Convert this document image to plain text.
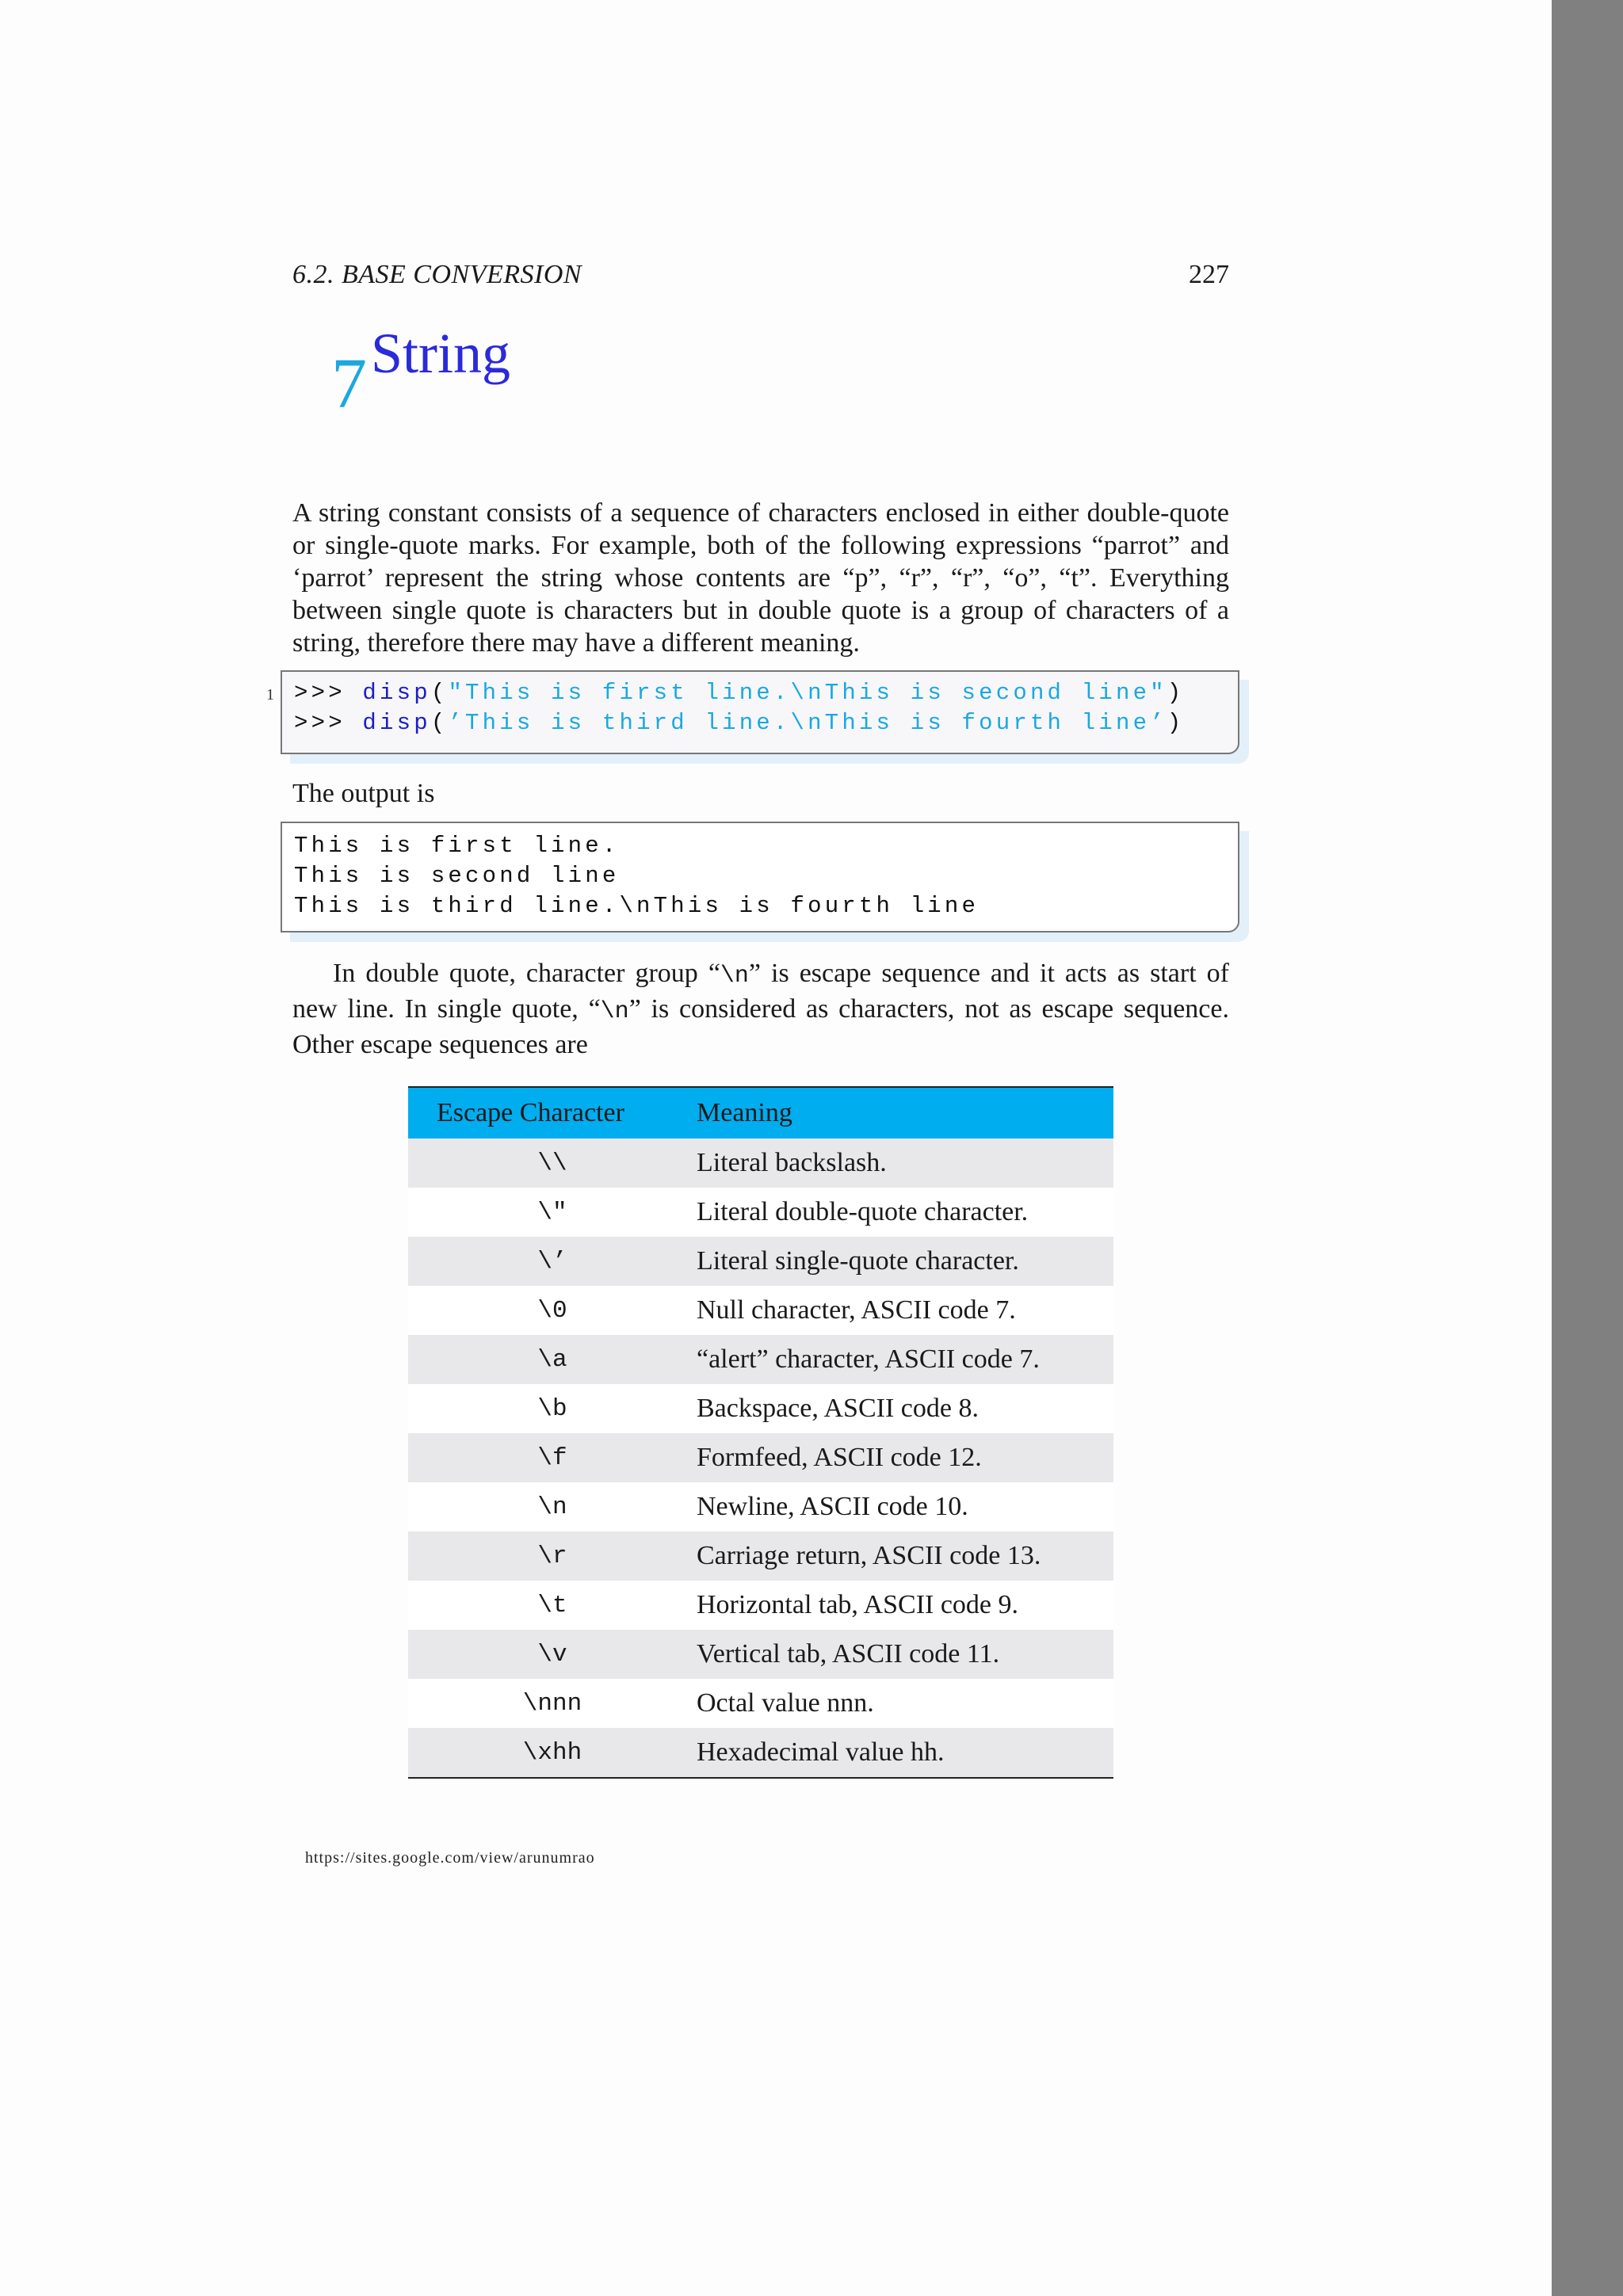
6.2. BASE CONVERSION	227
7 String

A string constant consists of a sequence of characters enclosed in either double-quote or single-quote marks. For example, both of the following expressions “parrot” and ‘parrot’ represent the string whose contents are “p”, “r”, “r”, “o”, “t”. Everything between single quote is characters but in double quote is a group of characters of a string, therefore there may have a different meaning.

1 >>> disp("This is first line.\nThis is second line")
>>> disp(’This is third line.\nThis is fourth line’)

The output is

This is first line.
This is second line
This is third line.\nThis is fourth line

In double quote, character group “\n” is escape sequence and it acts as start of new line. In single quote, “\n” is considered as characters, not as escape sequence. Other escape sequences are

Escape Character	Meaning
\\	Literal backslash.
\"	Literal double-quote character.
\’	Literal single-quote character.
\0	Null character, ASCII code 7.
\a	“alert” character, ASCII code 7.
\b	Backspace, ASCII code 8.
\f	Formfeed, ASCII code 12.
\n	Newline, ASCII code 10.
\r	Carriage return, ASCII code 13.
\t	Horizontal tab, ASCII code 9.
\v	Vertical tab, ASCII code 11.
\nnn	Octal value nnn.
\xhh	Hexadecimal value hh.
https://sites.google.com/view/arunumrao
